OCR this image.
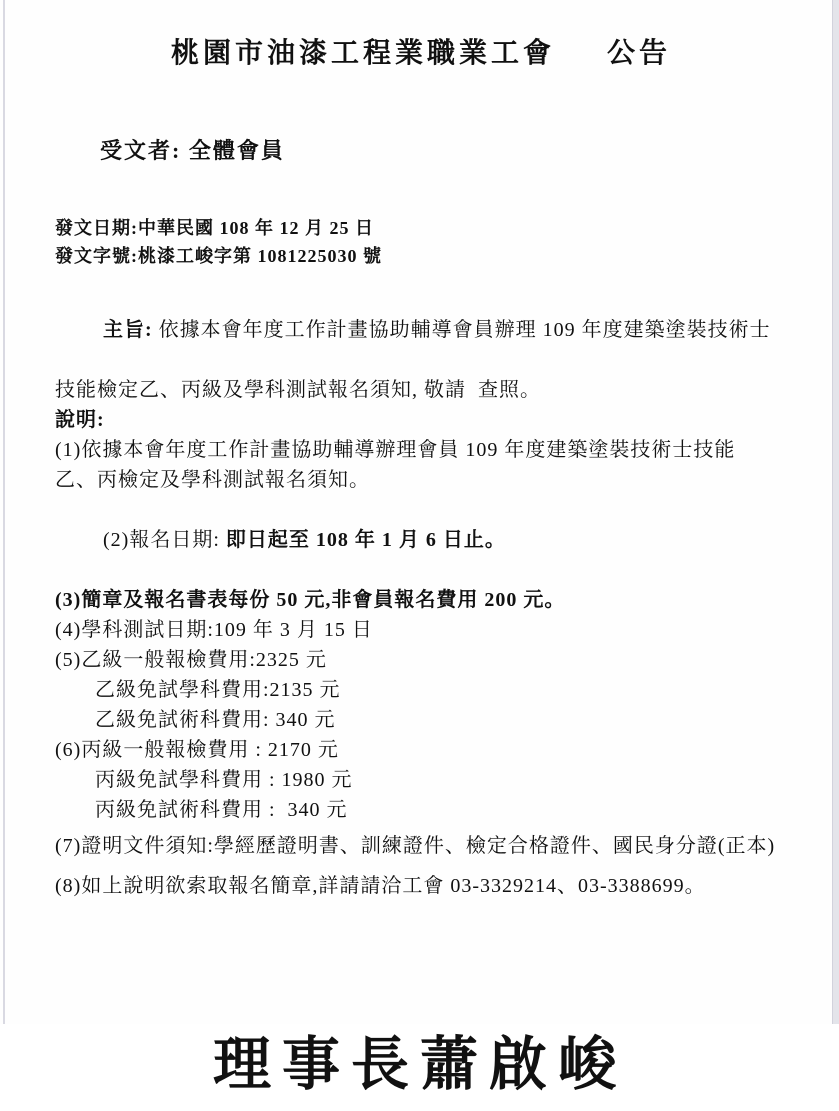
桃園市油漆工程業職業工會 公告

受文者: 全體會員

發文日期:中華民國 108 年 12 月 25 日
發文字號:桃漆工峻字第 1081225030 號

主旨: 依據本會年度工作計畫協助輔導會員辦理 109 年度建築塗裝技術士

技能檢定乙、丙級及學科測試報名須知, 敬請  查照。
說明:
(1)依據本會年度工作計畫協助輔導辦理會員 109 年度建築塗裝技術士技能
乙、丙檢定及學科測試報名須知。

(2)報名日期: 即日起至 108 年 1 月 6 日止。

(3)簡章及報名書表每份 50 元,非會員報名費用 200 元。
(4)學科測試日期:109 年 3 月 15 日
(5)乙級一般報檢費用:2325 元
乙級免試學科費用:2135 元
乙級免試術科費用: 340 元
(6)丙級一般報檢費用 : 2170 元
丙級免試學科費用 : 1980 元
丙級免試術科費用 :  340 元
(7)證明文件須知:學經歷證明書、訓練證件、檢定合格證件、國民身分證(正本)
(8)如上說明欲索取報名簡章,詳請請洽工會 03-3329214、03-3388699。
理事長蕭啟峻
